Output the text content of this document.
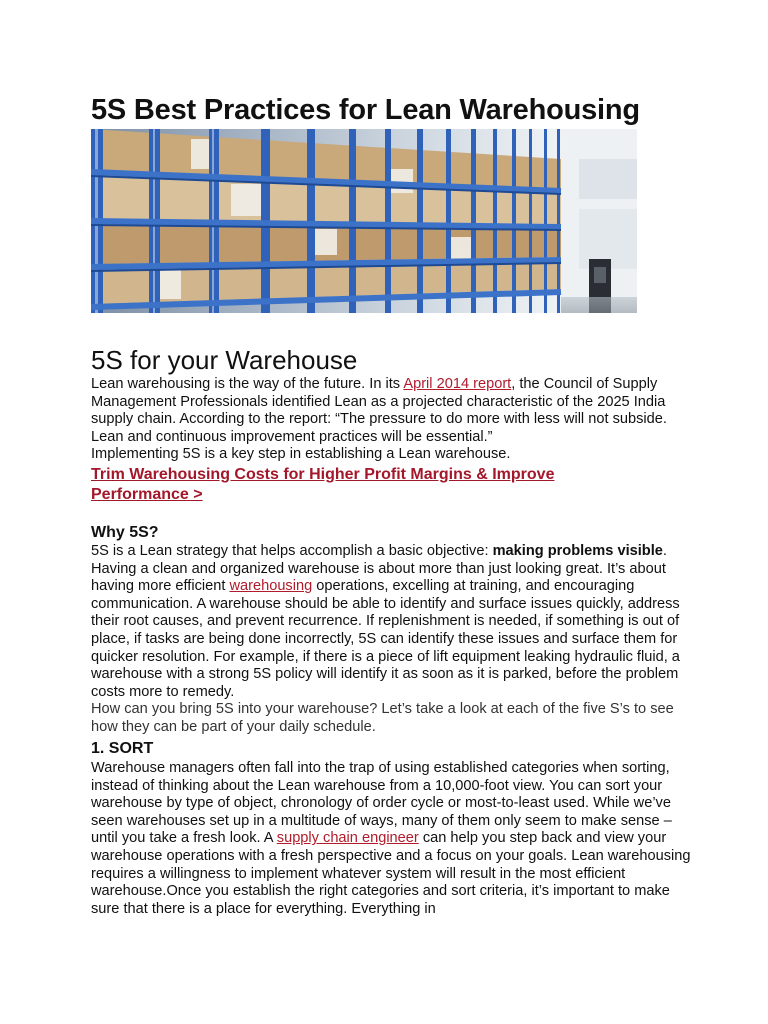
5S Best Practices for Lean Warehousing
5S for your Warehouse

Lean warehousing is the way of the future. In its April 2014 report, the Council of Supply Management Professionals identified Lean as a projected characteristic of the 2025 India supply chain. According to the report: “The pressure to do more with less will not subside. Lean and continuous improvement practices will be essential.”

Implementing 5S is a key step in establishing a Lean warehouse.

Trim Warehousing Costs for Higher Profit Margins & Improve Performance >
Why 5S?

5S is a Lean strategy that helps accomplish a basic objective: making problems visible. Having a clean and organized warehouse is about more than just looking great. It’s about having more efficient warehousing operations, excelling at training, and encouraging communication. A warehouse should be able to identify and surface issues quickly, address their root causes, and prevent recurrence. If replenishment is needed, if something is out of place, if tasks are being done incorrectly, 5S can identify these issues and surface them for quicker resolution. For example, if there is a piece of lift equipment leaking hydraulic fluid, a warehouse with a strong 5S policy will identify it as soon as it is parked, before the problem costs more to remedy.

How can you bring 5S into your warehouse? Let’s take a look at each of the five S’s to see how they can be part of your daily schedule.

1. SORT

Warehouse managers often fall into the trap of using established categories when sorting, instead of thinking about the Lean warehouse from a 10,000-foot view. You can sort your warehouse by type of object, chronology of order cycle or most-to-least used. While we’ve seen warehouses set up in a multitude of ways, many of them only seem to make sense – until you take a fresh look. A supply chain engineer can help you step back and view your warehouse operations with a fresh perspective and a focus on your goals. Lean warehousing requires a willingness to implement whatever system will result in the most efficient warehouse.Once you establish the right categories and sort criteria, it’s important to make sure that there is a place for everything. Everything in
